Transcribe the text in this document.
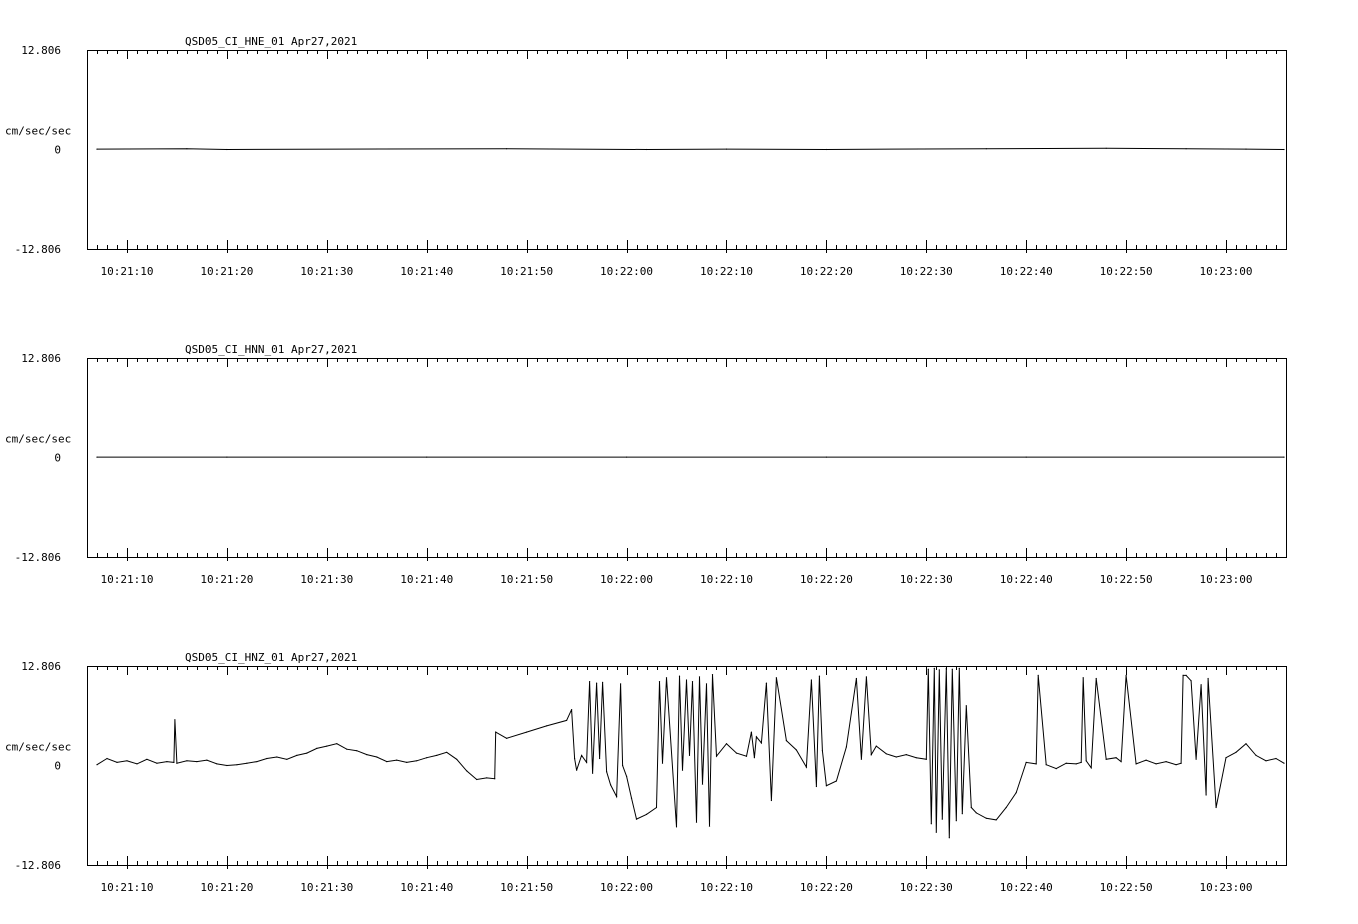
QSD05_CI_HNE_01 Apr27,2021
12.806
0
-12.806
cm/sec/sec
10:21:10	10:21:20	10:21:30	10:21:40	10:21:50	10:22:00	10:22:10	10:22:20	10:22:30	10:22:40	10:22:50	10:23:00
QSD05_CI_HNN_01 Apr27,2021
12.806
0
-12.806
cm/sec/sec
10:21:10	10:21:20	10:21:30	10:21:40	10:21:50	10:22:00	10:22:10	10:22:20	10:22:30	10:22:40	10:22:50	10:23:00
QSD05_CI_HNZ_01 Apr27,2021
12.806
0
-12.806
cm/sec/sec
10:21:10	10:21:20	10:21:30	10:21:40	10:21:50	10:22:00	10:22:10	10:22:20	10:22:30	10:22:40	10:22:50	10:23:00
